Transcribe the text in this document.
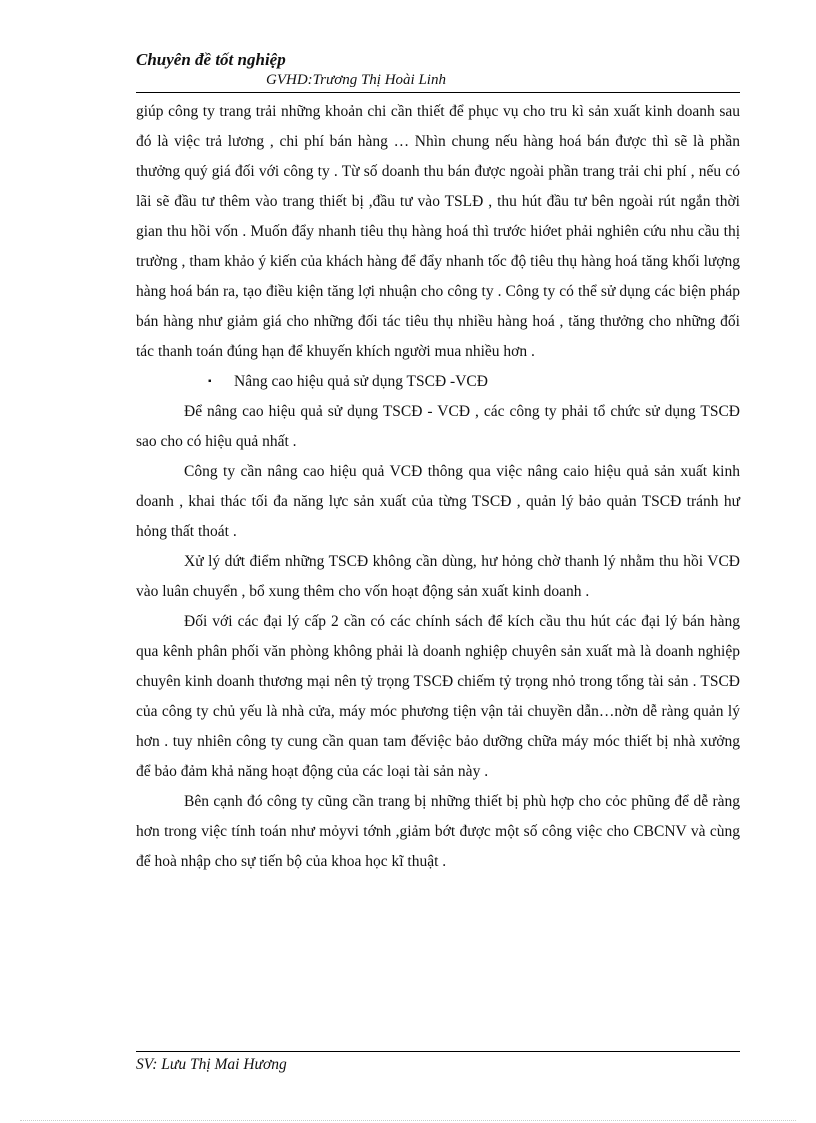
Chuyên đề tốt nghiệp
GVHD:Trương Thị Hoài Linh

giúp công ty trang trải những khoản chi cần thiết để phục vụ cho tru kì sản xuất kinh doanh sau đó là việc trả lương , chi phí bán hàng … Nhìn chung nếu hàng hoá bán được thì sẽ là phần thưởng quý giá đối với công ty . Từ số doanh thu bán được ngoài phần trang trải chi phí , nếu có lãi sẽ đầu tư thêm vào trang thiết bị ,đầu tư vào TSLĐ , thu hút đầu tư bên ngoài rút ngắn thời gian thu hồi vốn . Muốn đẩy nhanh tiêu thụ hàng hoá thì trước hiớet phải nghiên cứu nhu cầu thị trường , tham khảo ý kiến của khách hàng để đẩy nhanh tốc độ tiêu thụ hàng hoá tăng khối lượng hàng hoá bán ra, tạo điều kiện tăng lợi nhuận cho công ty . Công ty có thể sử dụng các biện pháp bán hàng như giảm giá cho những đối tác tiêu thụ nhiều hàng hoá , tăng thưởng cho những đối tác thanh toán đúng hạn để khuyến khích người mua nhiều hơn .

▪ Nâng cao hiệu quả sử dụng TSCĐ -VCĐ

Để nâng cao hiệu quả sử dụng TSCĐ - VCĐ , các công ty phải tổ chức sử dụng TSCĐ sao cho có hiệu quả nhất .

Công ty cần nâng cao hiệu quả VCĐ thông qua việc nâng caio hiệu quả sản xuất kinh doanh , khai thác tối đa năng lực sản xuất của từng TSCĐ , quản lý bảo quản TSCĐ tránh hư hỏng thất thoát .

Xử lý dứt điểm những TSCĐ không cần dùng, hư hỏng chờ thanh lý nhằm thu hồi VCĐ vào luân chuyển , bổ xung thêm cho vốn hoạt động sản xuất kinh doanh .

Đối với các đại lý cấp 2 cần có các chính sách để kích cầu thu hút các đại lý bán hàng qua kênh phân phối văn phòng không phải là doanh nghiệp chuyên sản xuất mà là doanh nghiệp chuyên kinh doanh thương mại nên tỷ trọng TSCĐ chiếm tỷ trọng nhỏ trong tổng tài sản . TSCĐ của công ty chủ yếu là nhà cửa, máy móc phương tiện vận tải chuyền dẫn…nờn dễ ràng quản lý hơn . tuy nhiên công ty cung cần quan tam đếviệc bảo dưỡng chữa máy móc thiết bị nhà xưởng để bảo đảm khả năng hoạt động của các loại tài sản này .

Bên cạnh đó công ty cũng cần trang bị những thiết bị phù hợp cho cỏc phũng để dễ ràng hơn trong việc tính toán như mỏyvi tớnh ,giảm bớt được một số công việc cho CBCNV và cùng để hoà nhập cho sự tiến bộ của khoa học kĩ thuật .

SV: Lưu Thị Mai Hương
